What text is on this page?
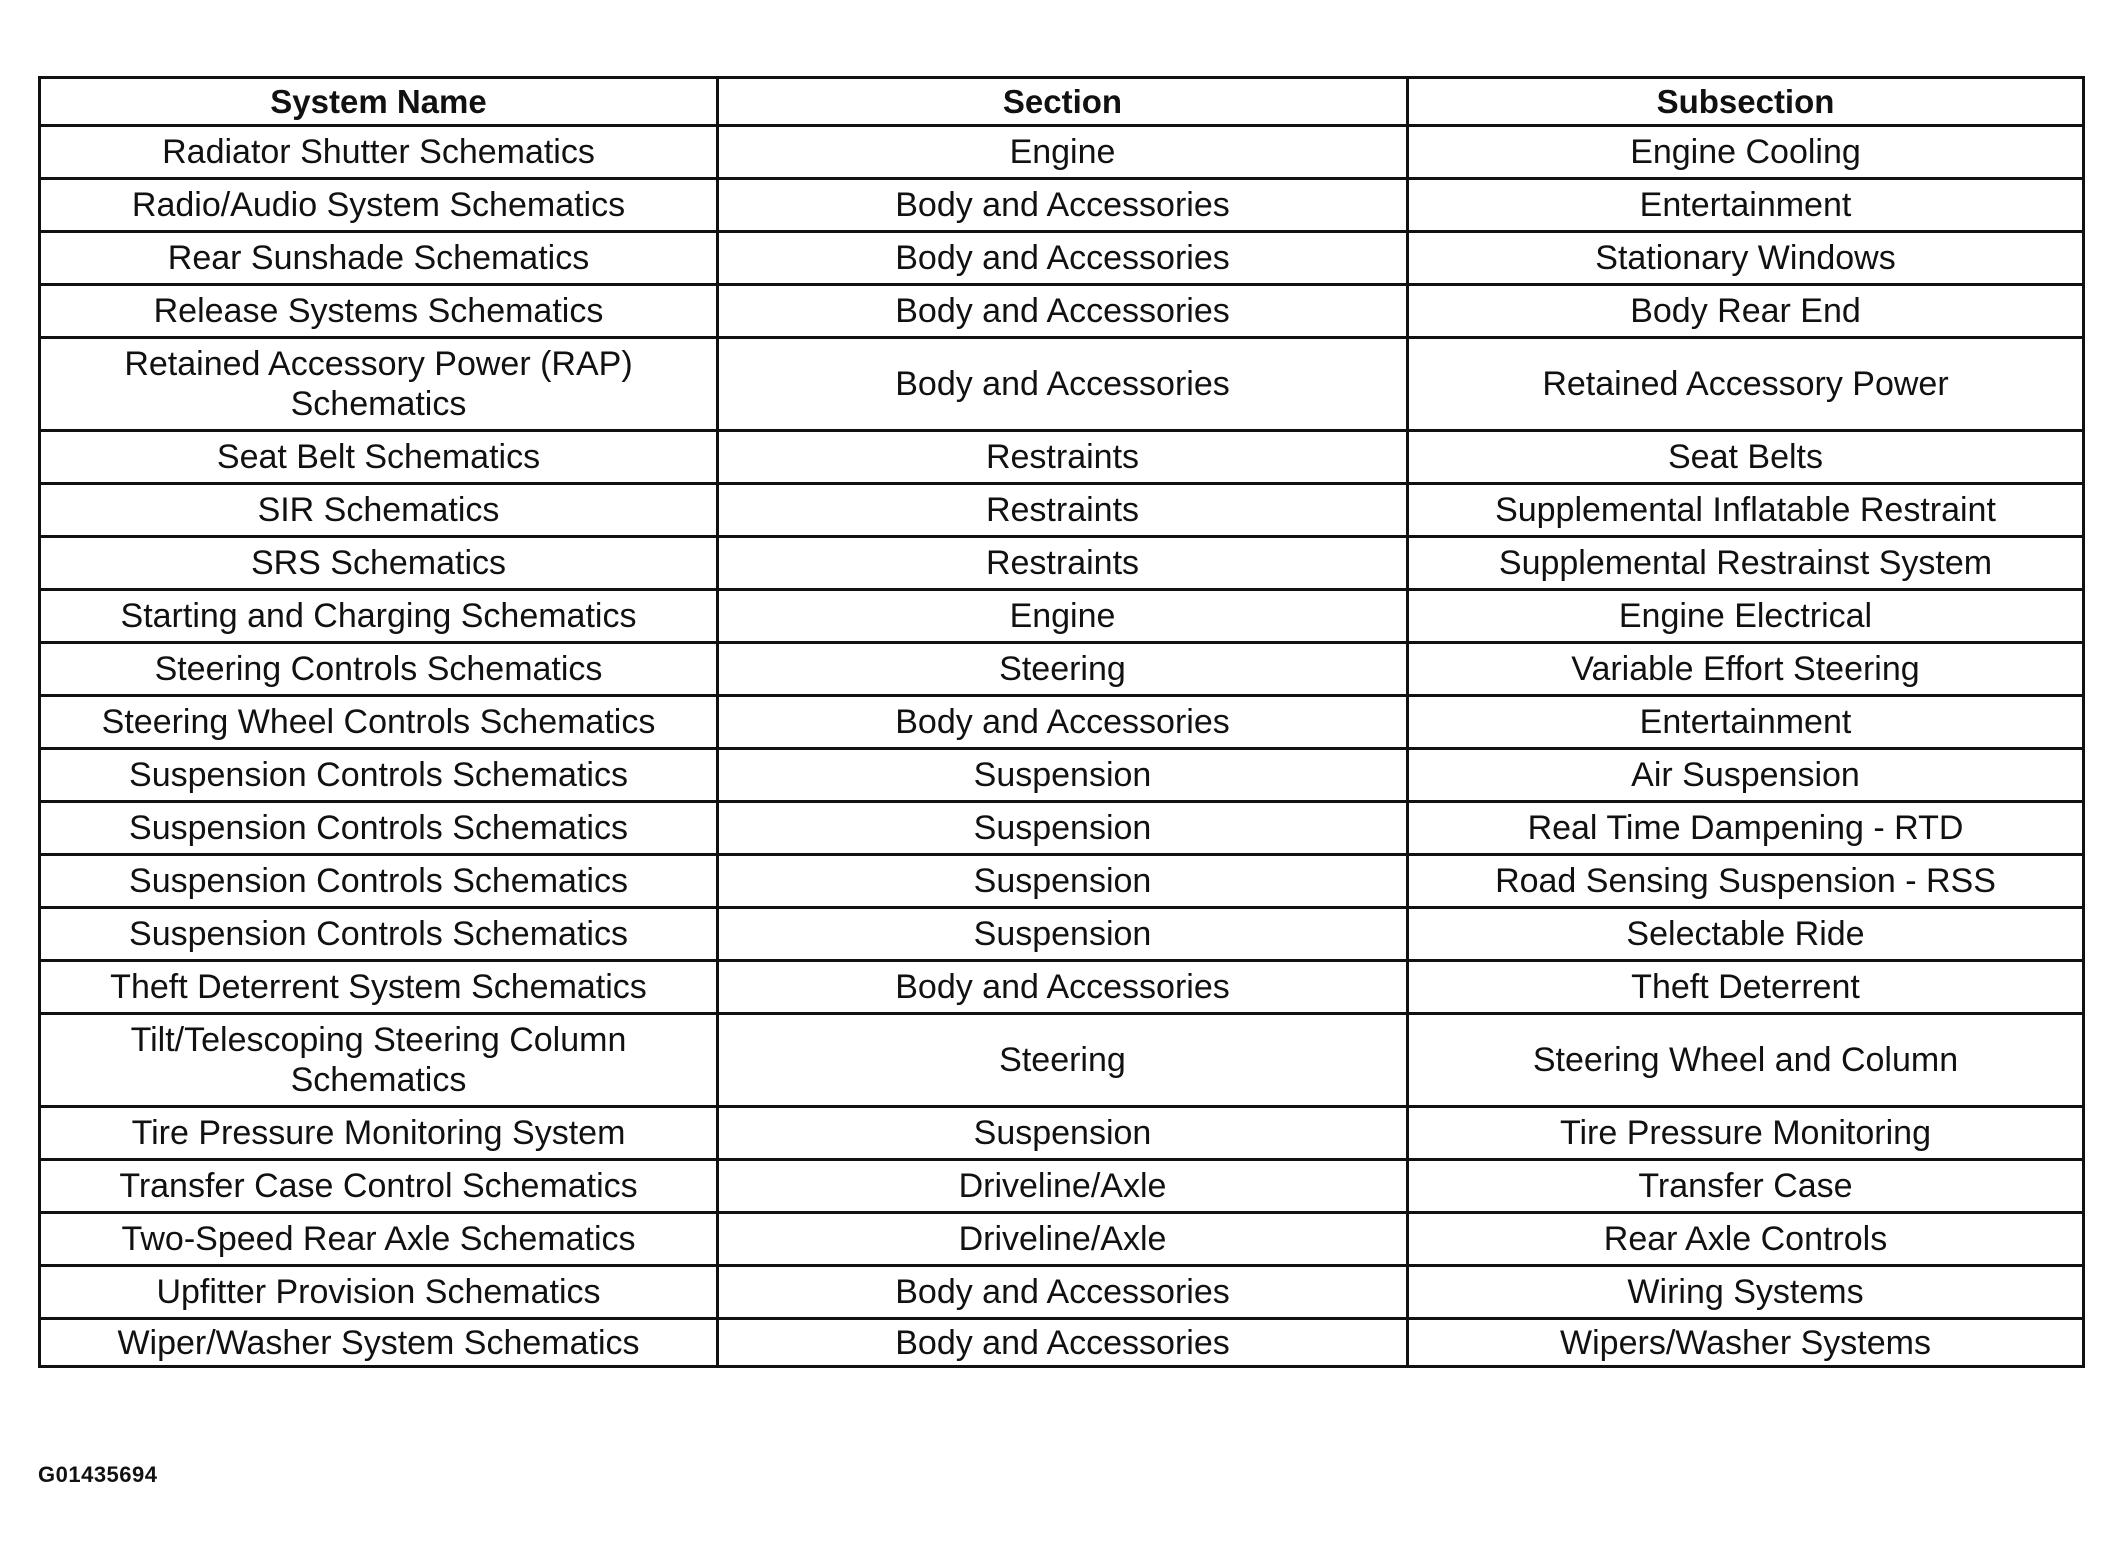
System Name	Section	Subsection
Radiator Shutter Schematics	Engine	Engine Cooling
Radio/Audio System Schematics	Body and Accessories	Entertainment
Rear Sunshade Schematics	Body and Accessories	Stationary Windows
Release Systems Schematics	Body and Accessories	Body Rear End
Retained Accessory Power (RAP) Schematics	Body and Accessories	Retained Accessory Power
Seat Belt Schematics	Restraints	Seat Belts
SIR Schematics	Restraints	Supplemental Inflatable Restraint
SRS Schematics	Restraints	Supplemental Restrainst System
Starting and Charging Schematics	Engine	Engine Electrical
Steering Controls Schematics	Steering	Variable Effort Steering
Steering Wheel Controls Schematics	Body and Accessories	Entertainment
Suspension Controls Schematics	Suspension	Air Suspension
Suspension Controls Schematics	Suspension	Real Time Dampening - RTD
Suspension Controls Schematics	Suspension	Road Sensing Suspension - RSS
Suspension Controls Schematics	Suspension	Selectable Ride
Theft Deterrent System Schematics	Body and Accessories	Theft Deterrent
Tilt/Telescoping Steering Column Schematics	Steering	Steering Wheel and Column
Tire Pressure Monitoring System	Suspension	Tire Pressure Monitoring
Transfer Case Control Schematics	Driveline/Axle	Transfer Case
Two-Speed Rear Axle Schematics	Driveline/Axle	Rear Axle Controls
Upfitter Provision Schematics	Body and Accessories	Wiring Systems
Wiper/Washer System Schematics	Body and Accessories	Wipers/Washer Systems
G01435694
